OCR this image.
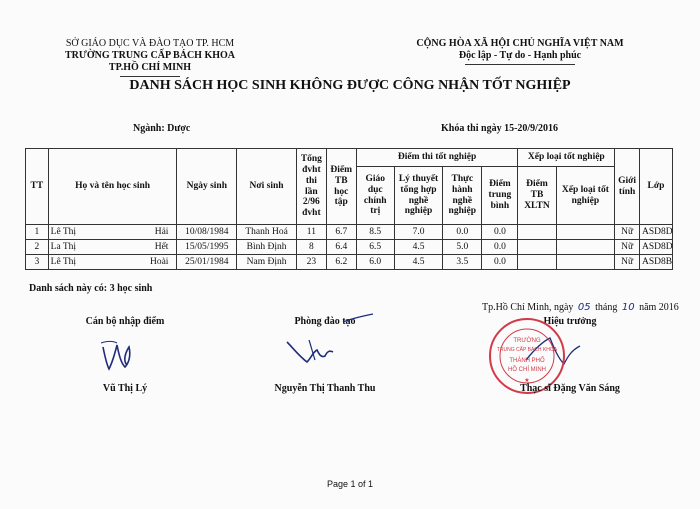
SỞ GIÁO DỤC VÀ ĐÀO TẠO TP. HCM
TRƯỜNG TRUNG CẤP BÁCH KHOA
TP.HỒ CHÍ MINH
CỘNG HÒA XÃ HỘI CHỦ NGHĨA VIỆT NAM
Độc lập - Tự do - Hạnh phúc
DANH SÁCH HỌC SINH KHÔNG ĐƯỢC CÔNG NHẬN TỐT NGHIỆP
Ngành: Dược	Khóa thi ngày 15-20/9/2016
TT	Họ và tên học sinh	Ngày sinh	Nơi sinh	Tổng đvht thi lần 2/96 đvht	Điểm TB học tập	Điểm thi tốt nghiệp				Xếp loại tốt nghiệp		Giới tính	Lớp
						Giáo dục chính trị	Lý thuyết tổng hợp nghề nghiệp	Thực hành nghề nghiệp	Điểm trung bình	Điểm TB XLTN	Xếp loại tốt nghiệp		
1	Lê Thị Hải	10/08/1984	Thanh Hoá	11	6.7	8.5	7.0	0.0	0.0			Nữ	ASD8D
2	La Thị Hết	15/05/1995	Bình Định	8	6.4	6.5	4.5	5.0	0.0			Nữ	ASD8D
3	Lê Thị Hoài	25/01/1984	Nam Định	23	6.2	6.0	4.5	3.5	0.0			Nữ	ASD8B
Danh sách này có: 3 học sinh
Tp.Hồ Chí Minh, ngày 05 tháng 10 năm 2016
Cán bộ nhập điểm	Phòng đào tạo	Hiệu trưởng
TRƯỜNG
TRUNG CẤP BÁCH KHOA
THÀNH PHỐ
HỒ CHÍ MINH
★
Vũ Thị Lý	Nguyễn Thị Thanh Thu	Thạc sĩ Đặng Văn Sáng
Page 1 of 1
